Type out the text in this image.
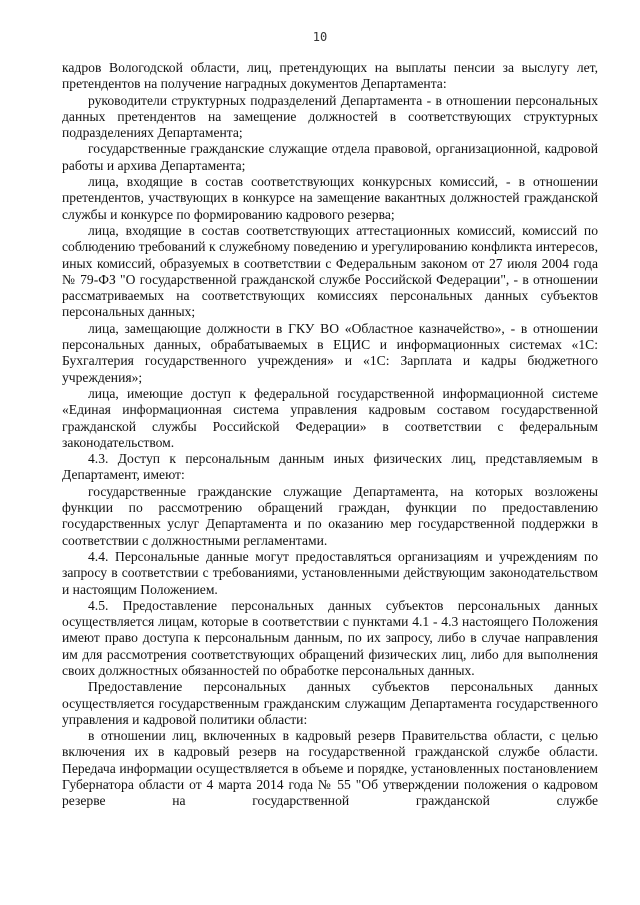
10

кадров Вологодской области, лиц, претендующих на выплаты пенсии за выслугу лет, претендентов на получение наградных документов Департамента:

руководители структурных подразделений Департамента - в отношении персональных данных претендентов на замещение должностей в соответствующих структурных подразделениях Департамента;

государственные гражданские служащие отдела правовой, организационной, кадровой работы и архива Департамента;

лица, входящие в состав соответствующих конкурсных комиссий, - в отношении претендентов, участвующих в конкурсе на замещение вакантных должностей гражданской службы и конкурсе по формированию кадрового резерва;

лица, входящие в состав соответствующих аттестационных комиссий, комиссий по соблюдению требований к служебному поведению и урегулированию конфликта интересов, иных комиссий, образуемых в соответствии с Федеральным законом от 27 июля 2004 года № 79-ФЗ "О государственной гражданской службе Российской Федерации", - в отношении рассматриваемых на соответствующих комиссиях персональных данных субъектов персональных данных;

лица, замещающие должности в ГКУ ВО «Областное казначейство», - в отношении персональных данных, обрабатываемых в ЕЦИС и информационных системах «1С: Бухгалтерия государственного учреждения» и «1С: Зарплата и кадры бюджетного учреждения»;

лица, имеющие доступ к федеральной государственной информационной системе «Единая информационная система управления кадровым составом государственной гражданской службы Российской Федерации» в соответствии с федеральным законодательством.

4.3. Доступ к персональным данным иных физических лиц, представляемым в Департамент, имеют:

государственные гражданские служащие Департамента, на которых возложены функции по рассмотрению обращений граждан, функции по предоставлению государственных услуг Департамента и по оказанию мер государственной поддержки в соответствии с должностными регламентами.

4.4. Персональные данные могут предоставляться организациям и учреждениям по запросу в соответствии с требованиями, установленными действующим законодательством и настоящим Положением.

4.5. Предоставление персональных данных субъектов персональных данных осуществляется лицам, которые в соответствии с пунктами 4.1 - 4.3 настоящего Положения имеют право доступа к персональным данным, по их запросу, либо в случае направления им для рассмотрения соответствующих обращений физических лиц, либо для выполнения своих должностных обязанностей по обработке персональных данных.

Предоставление персональных данных субъектов персональных данных осуществляется государственным гражданским служащим Департамента государственного управления и кадровой политики области:

в отношении лиц, включенных в кадровый резерв Правительства области, с целью включения их в кадровый резерв на государственной гражданской службе области. Передача информации осуществляется в объеме и порядке, установленных постановлением Губернатора области от 4 марта 2014 года № 55 "Об утверждении положения о кадровом резерве на государственной гражданской службе
